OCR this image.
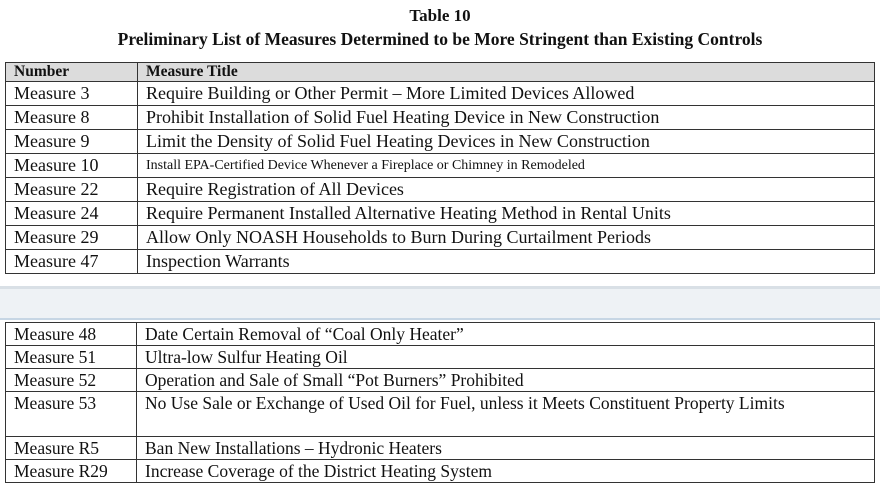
Table 10
Preliminary List of Measures Determined to be More Stringent than Existing Controls
Number	Measure Title
Measure 3	Require Building or Other Permit – More Limited Devices Allowed
Measure 8	Prohibit Installation of Solid Fuel Heating Device in New Construction
Measure 9	Limit the Density of Solid Fuel Heating Devices in New Construction
Measure 10	Install EPA-Certified Device Whenever a Fireplace or Chimney in Remodeled
Measure 22	Require Registration of All Devices
Measure 24	Require Permanent Installed Alternative Heating Method in Rental Units
Measure 29	Allow Only NOASH Households to Burn During Curtailment Periods
Measure 47	Inspection Warrants
Measure 48	Date Certain Removal of “Coal Only Heater”
Measure 51	Ultra-low Sulfur Heating Oil
Measure 52	Operation and Sale of Small “Pot Burners” Prohibited
Measure 53	No Use Sale or Exchange of Used Oil for Fuel, unless it Meets Constituent Property Limits
Measure R5	Ban New Installations – Hydronic Heaters
Measure R29	Increase Coverage of the District Heating System
